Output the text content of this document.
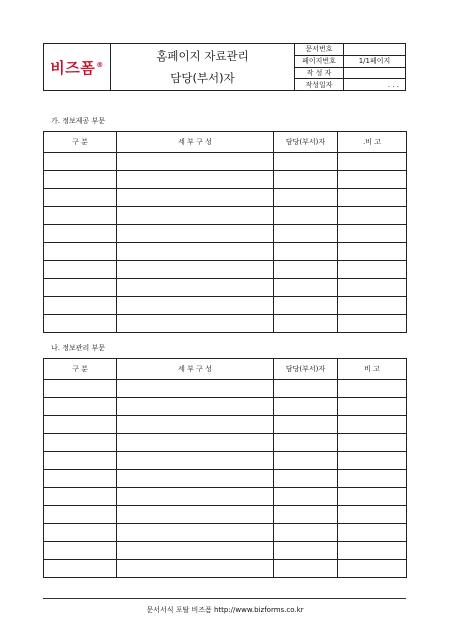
비즈폼®
홈페이지 자료관리
담당(부서)자
문서번호
페이지번호	1/1페이지
작 성 자
작성일자	. . .
가. 정보제공 부문
구 분	세 부 구 성	담당(부서)자	.비 고

나. 정보관리 부문
구 분	세 부 구 성	담당(부서)자	비 고

문서서식 포탈 비즈폼 http://www.bizforms.co.kr
